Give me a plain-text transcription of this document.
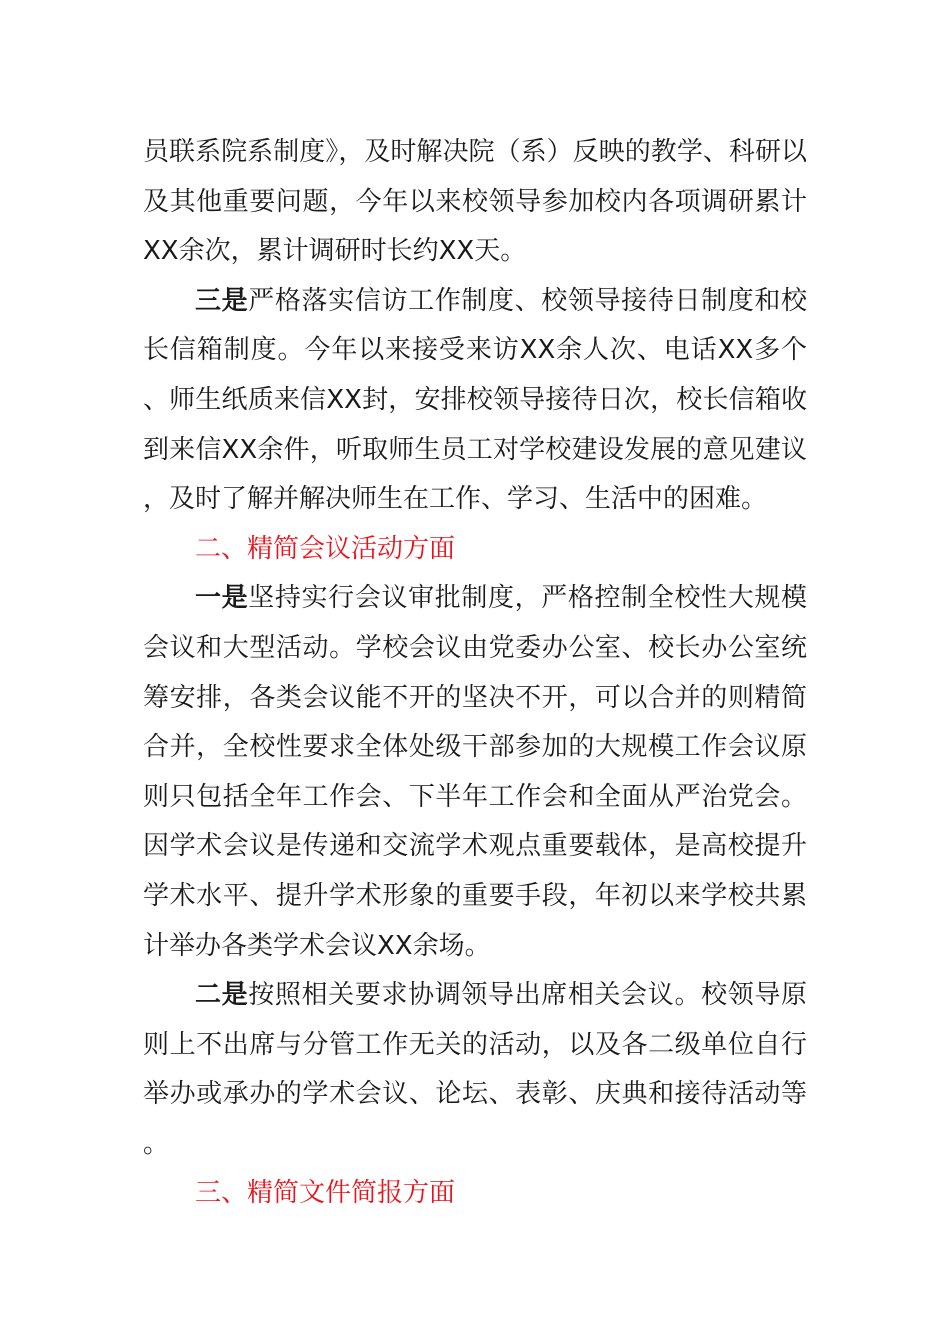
员联系院系制度》，及时解决院（系）反映的教学、科研以及其他重要问题，今年以来校领导参加校内各项调研累计XX余次，累计调研时长约XX天。

三是严格落实信访工作制度、校领导接待日制度和校长信箱制度。今年以来接受来访XX余人次、电话XX多个、师生纸质来信XX封，安排校领导接待日次，校长信箱收到来信XX余件，听取师生员工对学校建设发展的意见建议，及时了解并解决师生在工作、学习、生活中的困难。

二、精简会议活动方面

一是坚持实行会议审批制度，严格控制全校性大规模会议和大型活动。学校会议由党委办公室、校长办公室统筹安排，各类会议能不开的坚决不开，可以合并的则精简合并，全校性要求全体处级干部参加的大规模工作会议原则只包括全年工作会、下半年工作会和全面从严治党会。因学术会议是传递和交流学术观点重要载体，是高校提升学术水平、提升学术形象的重要手段，年初以来学校共累计举办各类学术会议XX余场。

二是按照相关要求协调领导出席相关会议。校领导原则上不出席与分管工作无关的活动，以及各二级单位自行举办或承办的学术会议、论坛、表彰、庆典和接待活动等。

三、精简文件简报方面
